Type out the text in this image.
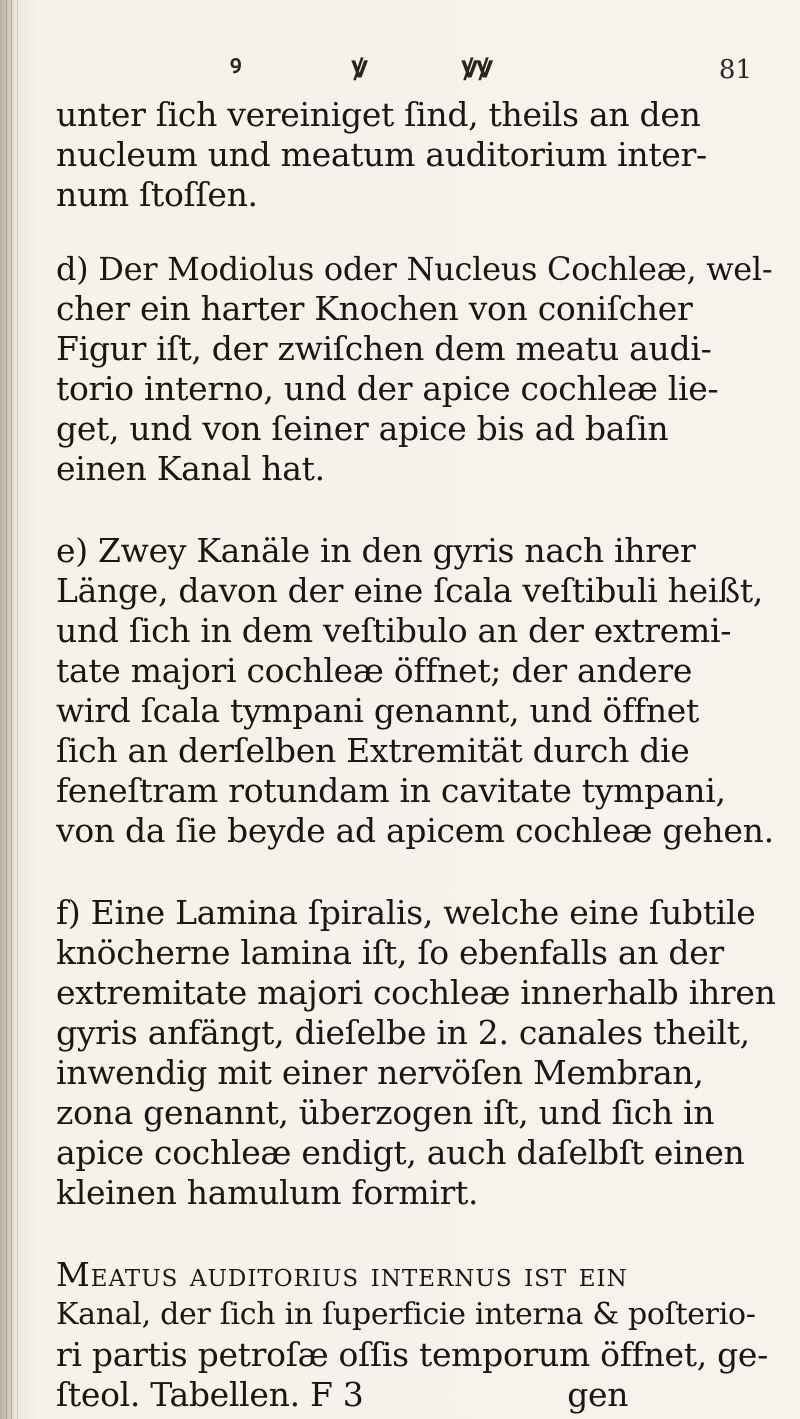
ꝰ	ꝟ	ꝟꝟ	81
unter ſich vereiniget ſind, theils an den
nucleum und meatum auditorium inter-
num ſtoſſen.
d) Der Modiolus oder Nucleus Cochleæ, wel-
cher ein harter Knochen von coniſcher
Figur iſt, der zwiſchen dem meatu audi-
torio interno, und der apice cochleæ lie-
get, und von ſeiner apice bis ad baſin
einen Kanal hat.
e) Zwey Kanäle in den gyris nach ihrer
Länge, davon der eine ſcala veſtibuli heißt,
und ſich in dem veſtibulo an der extremi-
tate majori cochleæ öffnet; der andere
wird ſcala tympani genannt, und öffnet
ſich an derſelben Extremität durch die
feneſtram rotundam in cavitate tympani,
von da ſie beyde ad apicem cochleæ gehen.
f) Eine Lamina ſpiralis, welche eine ſubtile
knöcherne lamina iſt, ſo ebenfalls an der
extremitate majori cochleæ innerhalb ihren
gyris anfängt, dieſelbe in 2. canales theilt,
inwendig mit einer nervöſen Membran,
zona genannt, überzogen iſt, und ſich in
apice cochleæ endigt, auch daſelbſt einen
kleinen hamulum formirt.
Meatus auditorius internus iſt ein
Kanal, der ſich in ſuperficie interna & poſterio-
ri partis petroſæ oſſis temporum öffnet, ge-
ſteol. Tabellen. F 3                    gen
